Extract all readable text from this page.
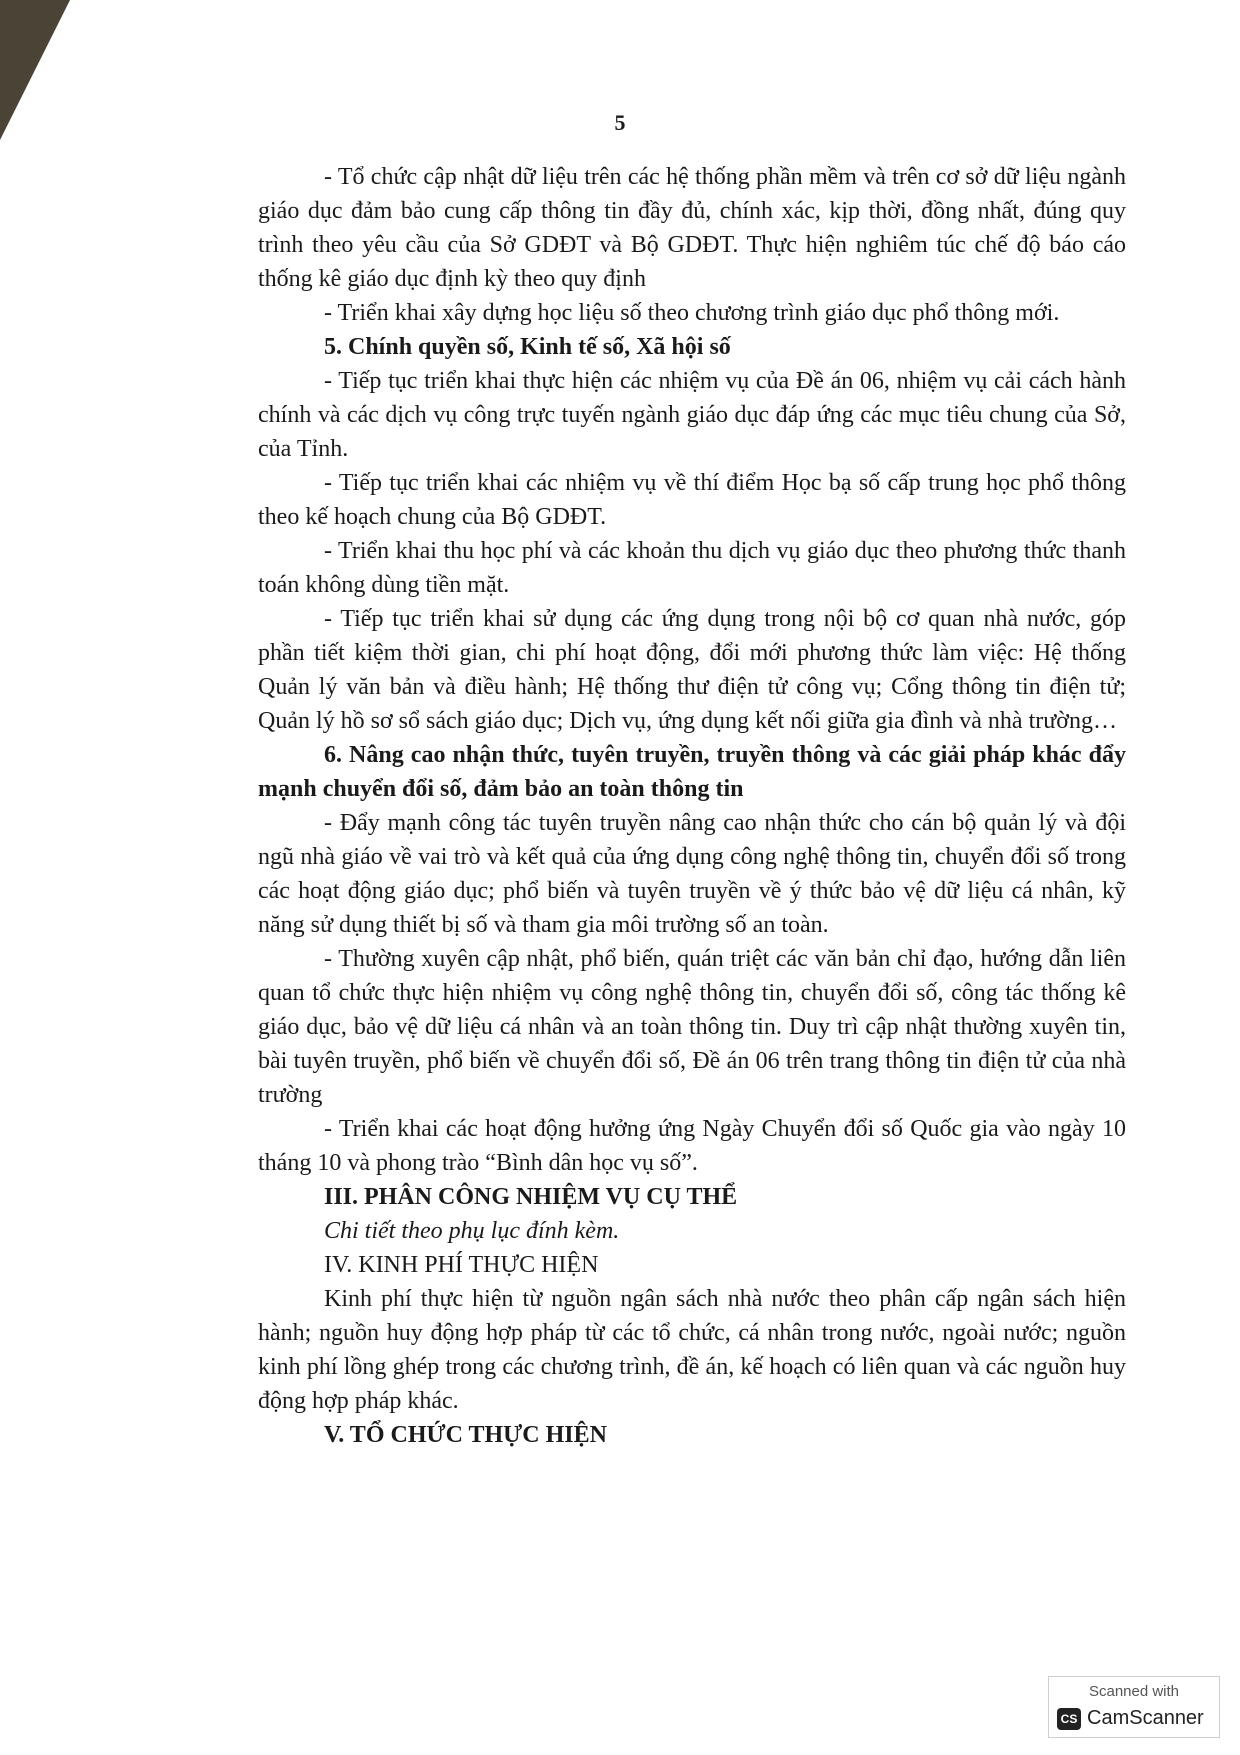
5

- Tổ chức cập nhật dữ liệu trên các hệ thống phần mềm và trên cơ sở dữ liệu ngành giáo dục đảm bảo cung cấp thông tin đầy đủ, chính xác, kịp thời, đồng nhất, đúng quy trình theo yêu cầu của Sở GDĐT và Bộ GDĐT. Thực hiện nghiêm túc chế độ báo cáo thống kê giáo dục định kỳ theo quy định

- Triển khai xây dựng học liệu số theo chương trình giáo dục phổ thông mới.

5. Chính quyền số, Kinh tế số, Xã hội số

- Tiếp tục triển khai thực hiện các nhiệm vụ của Đề án 06, nhiệm vụ cải cách hành chính và các dịch vụ công trực tuyến ngành giáo dục đáp ứng các mục tiêu chung của Sở, của Tỉnh.

- Tiếp tục triển khai các nhiệm vụ về thí điểm Học bạ số cấp trung học phổ thông theo kế hoạch chung của Bộ GDĐT.

- Triển khai thu học phí và các khoản thu dịch vụ giáo dục theo phương thức thanh toán không dùng tiền mặt.

- Tiếp tục triển khai sử dụng các ứng dụng trong nội bộ cơ quan nhà nước, góp phần tiết kiệm thời gian, chi phí hoạt động, đổi mới phương thức làm việc: Hệ thống Quản lý văn bản và điều hành; Hệ thống thư điện tử công vụ; Cổng thông tin điện tử; Quản lý hồ sơ sổ sách giáo dục; Dịch vụ, ứng dụng kết nối giữa gia đình và nhà trường…

6. Nâng cao nhận thức, tuyên truyền, truyền thông và các giải pháp khác đẩy mạnh chuyển đổi số, đảm bảo an toàn thông tin

- Đẩy mạnh công tác tuyên truyền nâng cao nhận thức cho cán bộ quản lý và đội ngũ nhà giáo về vai trò và kết quả của ứng dụng công nghệ thông tin, chuyển đổi số trong các hoạt động giáo dục; phổ biến và tuyên truyền về ý thức bảo vệ dữ liệu cá nhân, kỹ năng sử dụng thiết bị số và tham gia môi trường số an toàn.

- Thường xuyên cập nhật, phổ biến, quán triệt các văn bản chỉ đạo, hướng dẫn liên quan tổ chức thực hiện nhiệm vụ công nghệ thông tin, chuyển đổi số, công tác thống kê giáo dục, bảo vệ dữ liệu cá nhân và an toàn thông tin. Duy trì cập nhật thường xuyên tin, bài tuyên truyền, phổ biến về chuyển đổi số, Đề án 06 trên trang thông tin điện tử của nhà trường

- Triển khai các hoạt động hưởng ứng Ngày Chuyển đổi số Quốc gia vào ngày 10 tháng 10 và phong trào “Bình dân học vụ số”.

III. PHÂN CÔNG NHIỆM VỤ CỤ THỂ

Chi tiết theo phụ lục đính kèm.

IV. KINH PHÍ THỰC HIỆN

Kinh phí thực hiện từ nguồn ngân sách nhà nước theo phân cấp ngân sách hiện hành; nguồn huy động hợp pháp từ các tổ chức, cá nhân trong nước, ngoài nước; nguồn kinh phí lồng ghép trong các chương trình, đề án, kế hoạch có liên quan và các nguồn huy động hợp pháp khác.

V. TỔ CHỨC THỰC HIỆN

Scanned with
CS CamScanner
